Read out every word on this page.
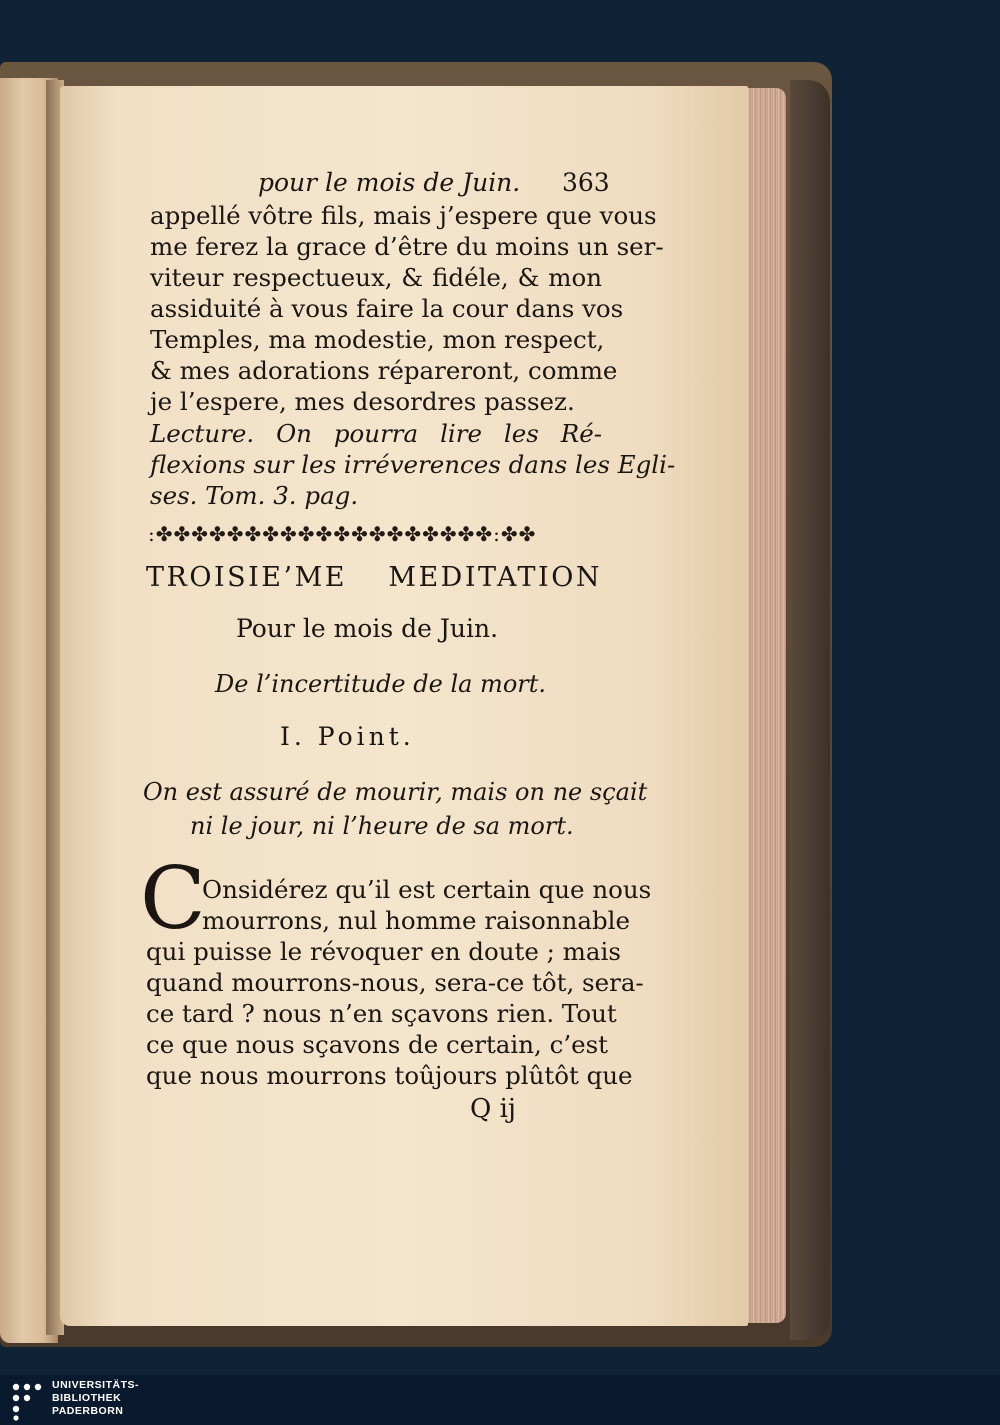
pour le mois de Juin. 363
appellé vôtre fils, mais j’espere que vous
me ferez la grace d’être du moins un ser-
viteur respectueux, & fidéle, & mon
assiduité à vous faire la cour dans vos
Temples, ma modestie, mon respect,
& mes adorations répareront, comme
je l’espere, mes desordres passez.
Lecture. On pourra lire les Ré-
flexions sur les irréverences dans les Egli-
ses. Tom. 3. pag.
:✤✤✤✤✤✤✤✤✤✤✤✤✤✤✤✤✤✤✤:✤✤
TROISIE’ME MEDITATION
Pour le mois de Juin.
De l’incertitude de la mort.
I. Point.
On est assuré de mourir, mais on ne sçait
ni le jour, ni l’heure de sa mort.
C
Onsidérez qu’il est certain que nous
mourrons, nul homme raisonnable
qui puisse le révoquer en doute ; mais
quand mourrons-nous, sera-ce tôt, sera-
ce tard ? nous n’en sçavons rien. Tout
ce que nous sçavons de certain, c’est
que nous mourrons toûjours plûtôt que
Q ij
UNIVERSITÄTS-
BIBLIOTHEK
PADERBORN
